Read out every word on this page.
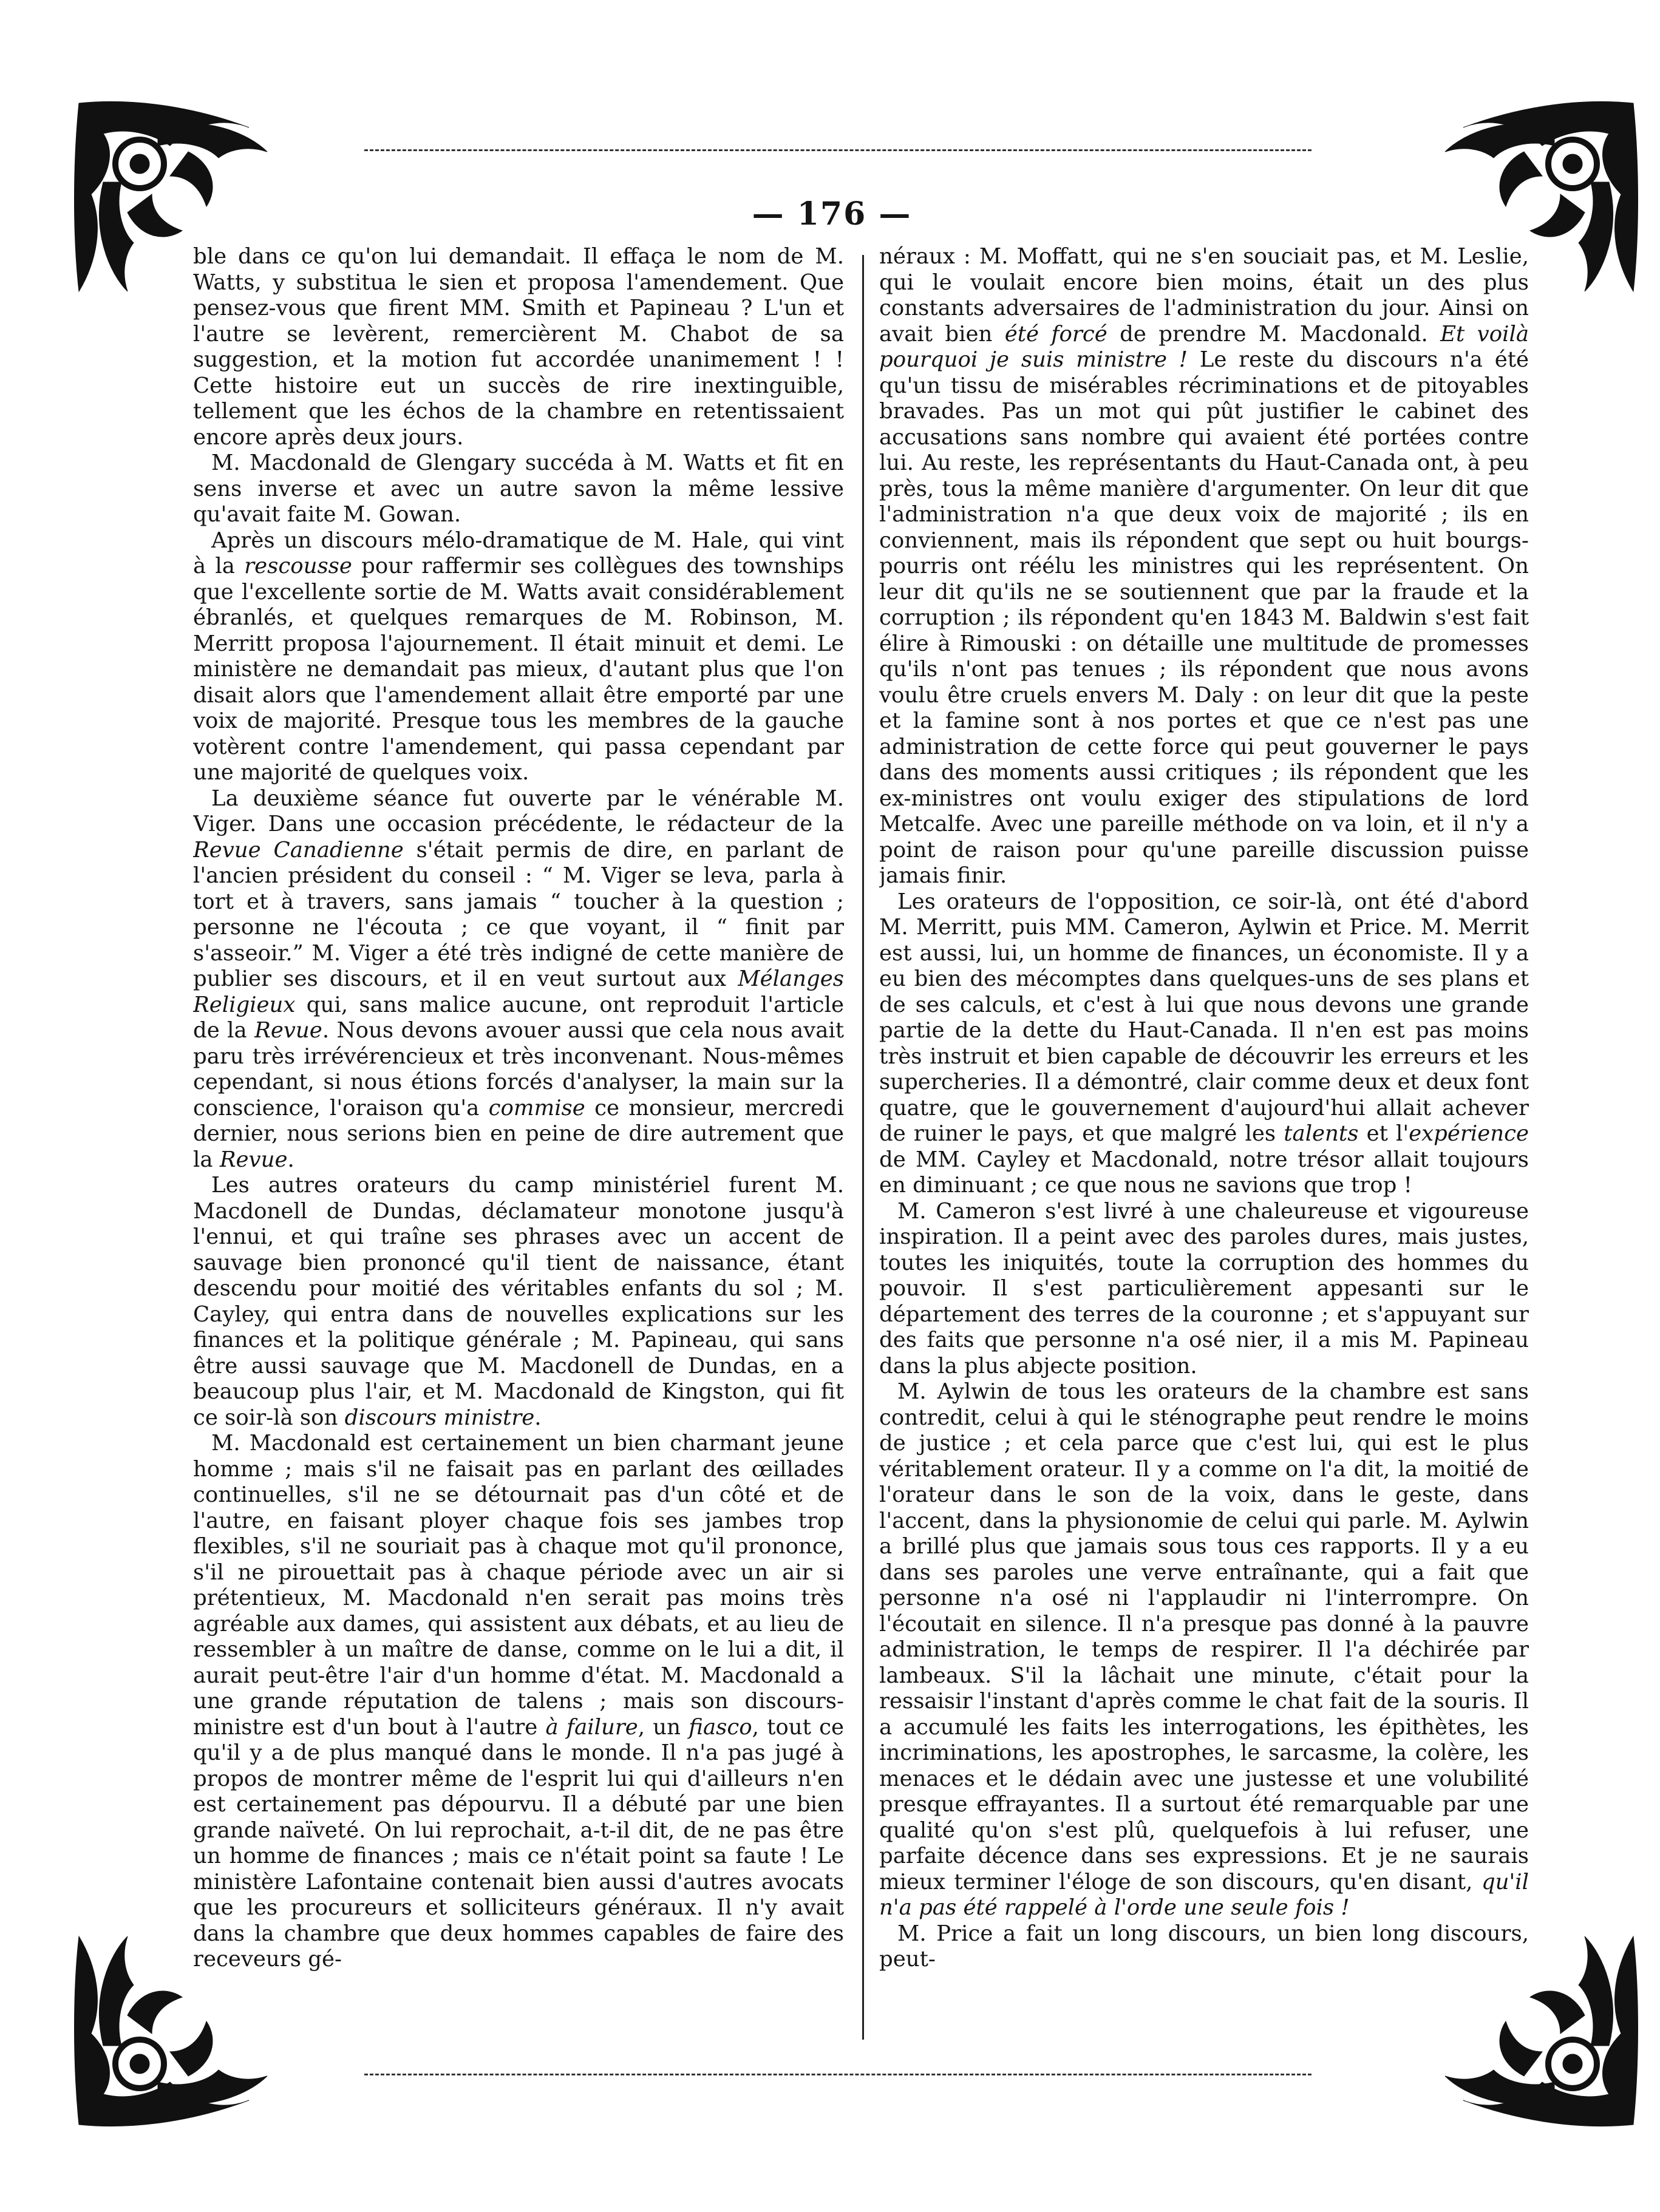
— 176 —

ble dans ce qu'on lui demandait. Il effaça le nom de M. Watts, y substitua le sien et proposa l'amendement. Que pensez-vous que firent MM. Smith et Papineau ? L'un et l'autre se levèrent, remercièrent M. Chabot de sa suggestion, et la motion fut accordée unanimement ! ! Cette histoire eut un succès de rire inextinguible, tellement que les échos de la chambre en retentissaient encore après deux jours.

M. Macdonald de Glengary succéda à M. Watts et fit en sens inverse et avec un autre savon la même lessive qu'avait faite M. Gowan.

Après un discours mélo-dramatique de M. Hale, qui vint à la rescousse pour raffermir ses collègues des townships que l'excellente sortie de M. Watts avait considérablement ébranlés, et quelques remarques de M. Robinson, M. Merritt proposa l'ajournement. Il était minuit et demi. Le ministère ne demandait pas mieux, d'autant plus que l'on disait alors que l'amendement allait être emporté par une voix de majorité. Presque tous les membres de la gauche votèrent contre l'amendement, qui passa cependant par une majorité de quelques voix.

La deuxième séance fut ouverte par le vénérable M. Viger. Dans une occasion précédente, le rédacteur de la Revue Canadienne s'était permis de dire, en parlant de l'ancien président du conseil : “ M. Viger se leva, parla à tort et à travers, sans jamais “ toucher à la question ; personne ne l'écouta ; ce que voyant, il “ finit par s'asseoir.” M. Viger a été très indigné de cette manière de publier ses discours, et il en veut surtout aux Mélanges Religieux qui, sans malice aucune, ont reproduit l'article de la Revue. Nous devons avouer aussi que cela nous avait paru très irrévérencieux et très inconvenant. Nous-mêmes cependant, si nous étions forcés d'analyser, la main sur la conscience, l'oraison qu'a commise ce monsieur, mercredi dernier, nous serions bien en peine de dire autrement que la Revue.

Les autres orateurs du camp ministériel furent M. Macdonell de Dundas, déclamateur monotone jusqu'à l'ennui, et qui traîne ses phrases avec un accent de sauvage bien prononcé qu'il tient de naissance, étant descendu pour moitié des véritables enfants du sol ; M. Cayley, qui entra dans de nouvelles explications sur les finances et la politique générale ; M. Papineau, qui sans être aussi sauvage que M. Macdonell de Dundas, en a beaucoup plus l'air, et M. Macdonald de Kingston, qui fit ce soir-là son discours ministre.

M. Macdonald est certainement un bien charmant jeune homme ; mais s'il ne faisait pas en parlant des œillades continuelles, s'il ne se détournait pas d'un côté et de l'autre, en faisant ployer chaque fois ses jambes trop flexibles, s'il ne souriait pas à chaque mot qu'il prononce, s'il ne pirouettait pas à chaque période avec un air si prétentieux, M. Macdonald n'en serait pas moins très agréable aux dames, qui assistent aux débats, et au lieu de ressembler à un maître de danse, comme on le lui a dit, il aurait peut-être l'air d'un homme d'état. M. Macdonald a une grande réputation de talens ; mais son discours-ministre est d'un bout à l'autre à failure, un fiasco, tout ce qu'il y a de plus manqué dans le monde. Il n'a pas jugé à propos de montrer même de l'esprit lui qui d'ailleurs n'en est certainement pas dépourvu. Il a débuté par une bien grande naïveté. On lui reprochait, a-t-il dit, de ne pas être un homme de finances ; mais ce n'était point sa faute ! Le ministère Lafontaine contenait bien aussi d'autres avocats que les procureurs et solliciteurs généraux. Il n'y avait dans la chambre que deux hommes capables de faire des receveurs gé-

néraux : M. Moffatt, qui ne s'en souciait pas, et M. Leslie, qui le voulait encore bien moins, était un des plus constants adversaires de l'administration du jour. Ainsi on avait bien été forcé de prendre M. Macdonald. Et voilà pourquoi je suis ministre ! Le reste du discours n'a été qu'un tissu de misérables récriminations et de pitoyables bravades. Pas un mot qui pût justifier le cabinet des accusations sans nombre qui avaient été portées contre lui. Au reste, les représentants du Haut-Canada ont, à peu près, tous la même manière d'argumenter. On leur dit que l'administration n'a que deux voix de majorité ; ils en conviennent, mais ils répondent que sept ou huit bourgs-pourris ont réélu les ministres qui les représentent. On leur dit qu'ils ne se soutiennent que par la fraude et la corruption ; ils répondent qu'en 1843 M. Baldwin s'est fait élire à Rimouski : on détaille une multitude de promesses qu'ils n'ont pas tenues ; ils répondent que nous avons voulu être cruels envers M. Daly : on leur dit que la peste et la famine sont à nos portes et que ce n'est pas une administration de cette force qui peut gouverner le pays dans des moments aussi critiques ; ils répondent que les ex-ministres ont voulu exiger des stipulations de lord Metcalfe. Avec une pareille méthode on va loin, et il n'y a point de raison pour qu'une pareille discussion puisse jamais finir.

Les orateurs de l'opposition, ce soir-là, ont été d'abord M. Merritt, puis MM. Cameron, Aylwin et Price. M. Merrit est aussi, lui, un homme de finances, un économiste. Il y a eu bien des mécomptes dans quelques-uns de ses plans et de ses calculs, et c'est à lui que nous devons une grande partie de la dette du Haut-Canada. Il n'en est pas moins très instruit et bien capable de découvrir les erreurs et les supercheries. Il a démontré, clair comme deux et deux font quatre, que le gouvernement d'aujourd'hui allait achever de ruiner le pays, et que malgré les talents et l'expérience de MM. Cayley et Macdonald, notre trésor allait toujours en diminuant ; ce que nous ne savions que trop !

M. Cameron s'est livré à une chaleureuse et vigoureuse inspiration. Il a peint avec des paroles dures, mais justes, toutes les iniquités, toute la corruption des hommes du pouvoir. Il s'est particulièrement appesanti sur le département des terres de la couronne ; et s'appuyant sur des faits que personne n'a osé nier, il a mis M. Papineau dans la plus abjecte position.

M. Aylwin de tous les orateurs de la chambre est sans contredit, celui à qui le sténographe peut rendre le moins de justice ; et cela parce que c'est lui, qui est le plus véritablement orateur. Il y a comme on l'a dit, la moitié de l'orateur dans le son de la voix, dans le geste, dans l'accent, dans la physionomie de celui qui parle. M. Aylwin a brillé plus que jamais sous tous ces rapports. Il y a eu dans ses paroles une verve entraînante, qui a fait que personne n'a osé ni l'applaudir ni l'interrompre. On l'écoutait en silence. Il n'a presque pas donné à la pauvre administration, le temps de respirer. Il l'a déchirée par lambeaux. S'il la lâchait une minute, c'était pour la ressaisir l'instant d'après comme le chat fait de la souris. Il a accumulé les faits les interrogations, les épithètes, les incriminations, les apostrophes, le sarcasme, la colère, les menaces et le dédain avec une justesse et une volubilité presque effrayantes. Il a surtout été remarquable par une qualité qu'on s'est plû, quelquefois à lui refuser, une parfaite décence dans ses expressions. Et je ne saurais mieux terminer l'éloge de son discours, qu'en disant, qu'il n'a pas été rappelé à l'orde une seule fois !

M. Price a fait un long discours, un bien long discours, peut-
